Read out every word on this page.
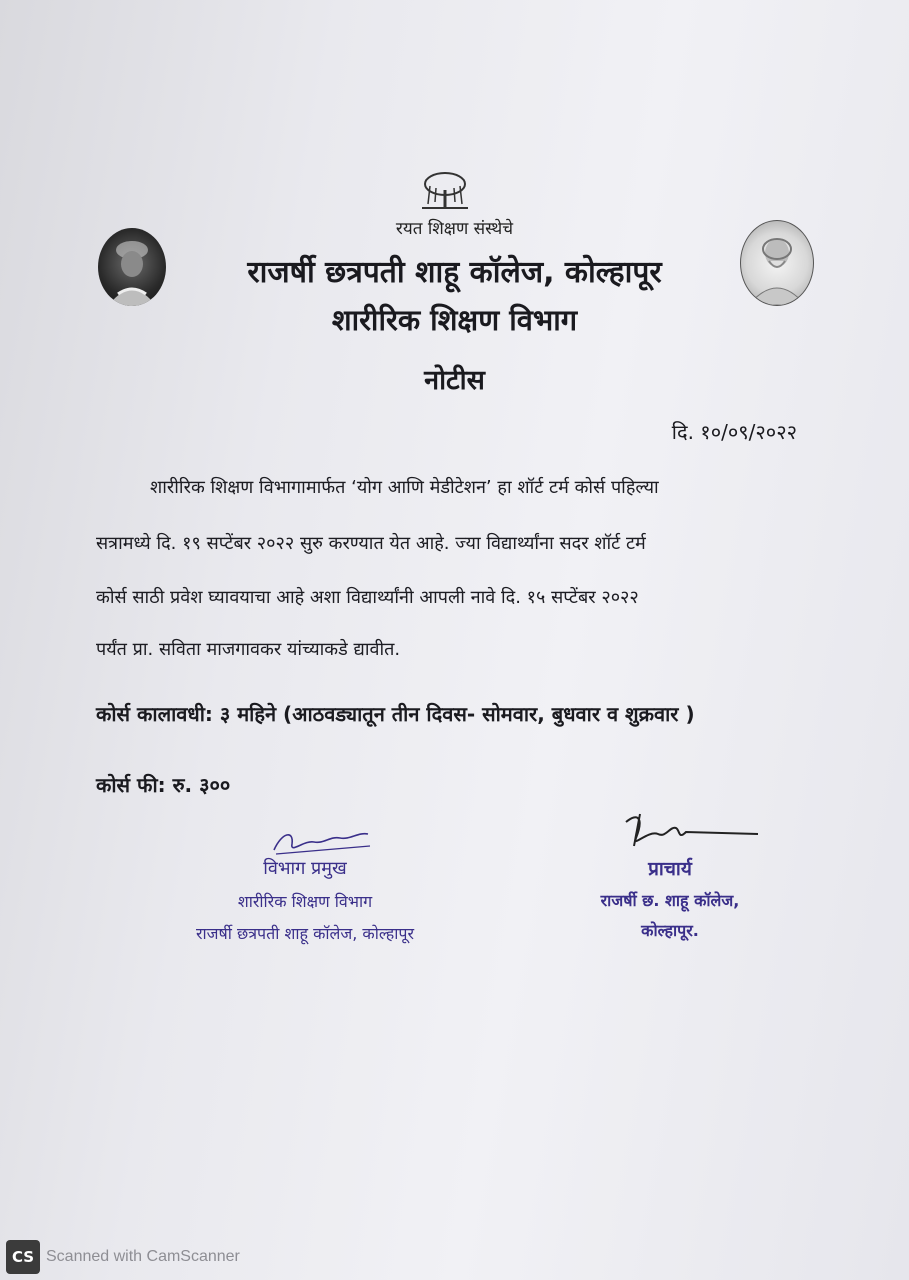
रयत शिक्षण संस्थेचे
राजर्षी छत्रपती शाहू कॉलेज, कोल्हापूर
शारीरिक शिक्षण विभाग
नोटीस
दि. १०/०९/२०२२
शारीरिक शिक्षण विभागामार्फत ‘योग आणि मेडीटेशन’ हा शॉर्ट टर्म कोर्स पहिल्या
सत्रामध्ये दि. १९ सप्टेंबर २०२२ सुरु करण्यात येत आहे. ज्या विद्यार्थ्यांना सदर शॉर्ट टर्म
कोर्स साठी प्रवेश घ्यावयाचा आहे अशा विद्यार्थ्यांनी आपली नावे दि. १५ सप्टेंबर २०२२
पर्यंत प्रा. सविता माजगावकर यांच्याकडे द्यावीत.
कोर्स कालावधी: ३ महिने (आठवड्यातून तीन दिवस- सोमवार, बुधवार व शुक्रवार )
कोर्स फी: रु. ३००
विभाग प्रमुख
शारीरिक शिक्षण विभाग
राजर्षी छत्रपती शाहू कॉलेज, कोल्हापूर
प्राचार्य
राजर्षी छ. शाहू कॉलेज,
कोल्हापूर.
CS Scanned with CamScanner
